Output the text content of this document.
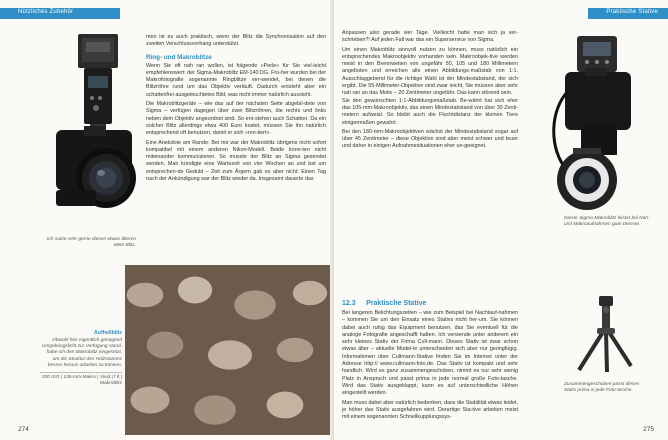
Nützliches Zubehör

Ich nutze sehr gerne diesen etwas älteren Metz-Blitz.

Aufhellblitz

Obwohl hier eigentlich genügend Umgebungslicht zur Verfügung stand, habe ich den Makroblitz eingesetzt, um die Struktur des Holzstamms besser heraus-arbeiten zu können.

200 ISO | 105-mm-Makro | Vivid | f 8 | Makroblitz

men ist es auch praktisch, wenn der Blitz die Synchronisation auf den zweiten Verschlussvorhang unterstützt.

Ring- und Makroblitze

Wenn Sie oft nah ran wollen, ist folgende »Perle« für Sie viel-leicht empfehlenswert: der Sigma-Makroblitz EM-140 DG. Frü-her wurden bei der Makrofotografie sogenannte Ringblitze ver-wendet, bei denen die Blitzröhre rund um das Objektiv verläuft. Dadurch entsteht aber ein schattenfrei ausgeleuchtetes Bild, was nicht immer natürlich aussieht.

Die Makroblitzgeräte – wie das auf der nächsten Seite abgebil-dete von Sigma – verfügen dagegen über zwei Blitzröhren, die rechts und links neben dem Objektiv angeordnet sind. So ent-stehen auch Schatten. Da ein solcher Blitz allerdings etwa 400 Euro kostet, müssen Sie ihn natürlich entsprechend oft benutzen, damit er sich »ren-tiert«.

Eine Anekdote am Rande: Bei mir war der Makroblitz übrigens nicht sofort kompatibel mit einem anderen Nikon-Modell. Beide konn-ten nicht miteinander kommunizieren. So musste der Blitz an Sigma gesendet werden. Man kündigte eine Wartezeit von vier Wochen an und bat um entsprechen-de Geduld – Zeit zum Ärgern gab es aber nicht: Einen Tag nach der Ankündigung war der Blitz wieder da. Insgesamt dauerte das

274
Praktische Stative

Anpassen also gerade vier Tage. Vielleicht hatte man sich ja ver-schrieben?! Auf jeden Fall war das ein Superservice von Sigma.

Um einen Makroblitz sinnvoll nutzen zu können, muss natürlich ein entsprechendes Makroobjektiv vorhanden sein. Makroobjek-tive werden meist in den Brennweiten von ungefähr 50, 105 und 180 Millimetern angeboten und erreichen alle einen Abbildungs-maßstab von 1:1. Ausschlaggebend für die richtige Wahl ist der Mindestabstand, der sich ergibt. Die 55-Millimeter-Objektive sind zwar leicht, Sie müssen aber sehr nah ran an das Motiv – 20 Zentimeter ungefähr. Das kann störend sein.

Sie den gewünschten 1:1-Abbildungsmaßstab. Be-währt hat sich eher das 105-mm-Makroobjektiv, das einen Mindestabstand von über 30 Zenti-metern aufweist. So bleibt auch die Fluchtdistanz der kleinen Tiere einigermaßen gewahrt.

Bei den 180-mm-Makroobjektiven wächst der Mindestabstand sogar auf über 45 Zentimeter – diese Objektive sind aber meist schwer und teuer und daher in einigen Aufnahmesituationen eher un-geeignet.

12.3 Praktische Stative

Bei langeren Belichtungszeiten – wie zum Beispiel bei Nachtauf-nahmen – kommen Sie um den Einsatz eines Stativs nicht her-um. Sie können dabei auch ruhig das Equipment benutzen, das Sie eventuell für die analoge Fotografie angeschafft hatten. Ich verwende unter anderem ein sehr kleines Stativ der Firma Cull-mann. Dieses Stativ ist zwar schon etwas älter – aktuelle Model-le unterscheiden sich aber nur geringfügig. Informationen über Cullmann-Stative finden Sie im Internet unter der Adresse http:// www.cullmann-foto.de. Das Stativ ist kompakt und sehr handlich. Wird es ganz zusammengeschoben, nimmt es nur sehr wenig Platz in Anspruch und passt prima in jede normal große Foto-tasche. Wird das Stativ ausgeklappt, kann es auf unterschiedliche Höhen eingestellt werden.

Man muss dabei aber natürlich bedenken, dass die Stabilität etwas leidet, je höher das Stativ ausgefahren wird. Derartige Sta-tive arbeiten meist mit einem sogenannten Schnellkupplungssys-

Dieser Sigma-Makroblitz leistet bei Nah- und Makroaufnahmen gute Dienste.

Zusammengeschoben passt dieses Stativ prima in jede Foto-tasche.

275
